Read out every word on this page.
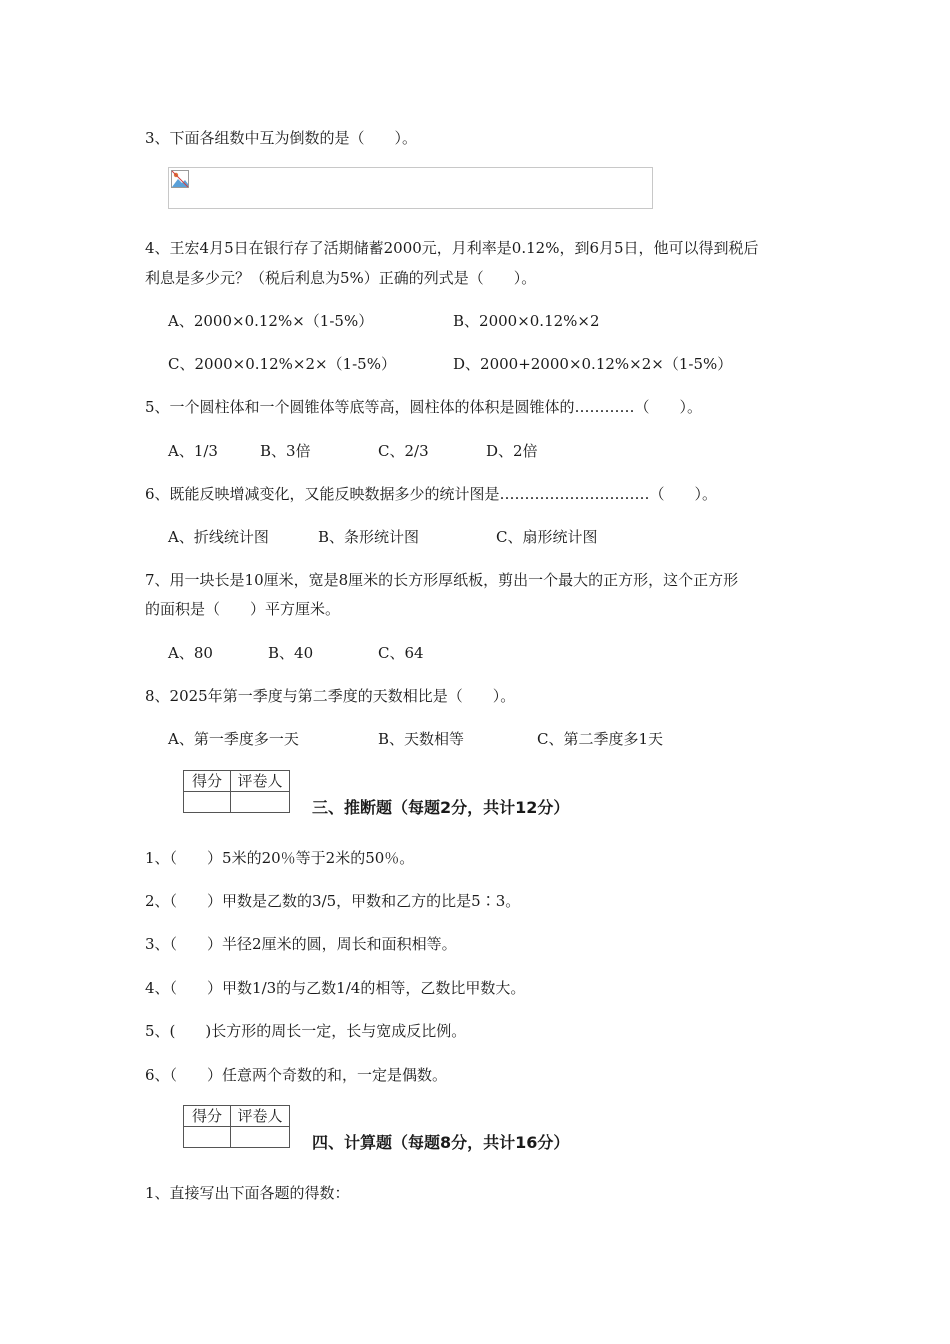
3、下面各组数中互为倒数的是（　　）。
4、王宏4月5日在银行存了活期储蓄2000元，月利率是0.12%，到6月5日，他可以得到税后
利息是多少元？（税后利息为5%）正确的列式是（　　）。
A、2000×0.12%×（1-5%）	B、2000×0.12%×2
C、2000×0.12%×2×（1-5%）	D、2000+2000×0.12%×2×（1-5%）
5、一个圆柱体和一个圆锥体等底等高，圆柱体的体积是圆锥体的…………（　　）。
A、1/3	B、3倍	C、2/3	D、2倍
6、既能反映增减变化，又能反映数据多少的统计图是…………………………（　　）。
A、折线统计图	B、条形统计图	C、扇形统计图
7、用一块长是10厘米，宽是8厘米的长方形厚纸板，剪出一个最大的正方形，这个正方形
的面积是（　　）平方厘米。
A、80	B、40	C、64
8、2025年第一季度与第二季度的天数相比是（　　）。
A、第一季度多一天	B、天数相等	C、第二季度多1天
得分	评卷人

三、推断题（每题2分，共计12分）
1、（　　）5米的20％等于2米的50％。
2、（　　）甲数是乙数的3/5，甲数和乙方的比是5∶3。
3、（　　）半径2厘米的圆，周长和面积相等。
4、（　　）甲数1/3的与乙数1/4的相等，乙数比甲数大。
5、(　　)长方形的周长一定，长与宽成反比例。
6、（　　）任意两个奇数的和，一定是偶数。
得分	评卷人

四、计算题（每题8分，共计16分）
1、直接写出下面各题的得数：
